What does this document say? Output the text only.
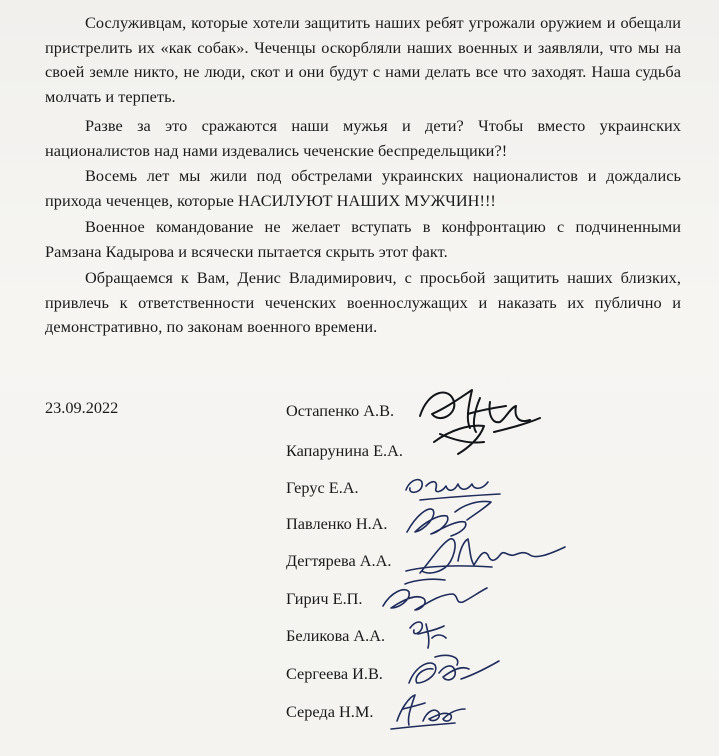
Сослуживцам, которые хотели защитить наших ребят угрожали оружием и обещали пристрелить их «как собак». Чеченцы оскорбляли наших военных и заявляли, что мы на своей земле никто, не люди, скот и они будут с нами делать все что заходят. Наша судьба молчать и терпеть.
Разве за это сражаются наши мужья и дети? Чтобы вместо украинских националистов над нами издевались чеченские беспредельщики?!
Восемь лет мы жили под обстрелами украинских националистов и дождались прихода чеченцев, которые НАСИЛУЮТ НАШИХ МУЖЧИН!!!
Военное командование не желает вступать в конфронтацию с подчиненными Рамзана Кадырова и всячески пытается скрыть этот факт.
Обращаемся к Вам, Денис Владимирович, с просьбой защитить наших близких, привлечь к ответственности чеченских военнослужащих и наказать их публично и демонстративно, по законам военного времени.
23.09.2022	Остапенко А.В.
Капарунина Е.А.
Герус Е.А.
Павленко Н.А.
Дегтярева А.А.
Гирич Е.П.
Беликова А.А.
Сергеева И.В.
Середа Н.М.
